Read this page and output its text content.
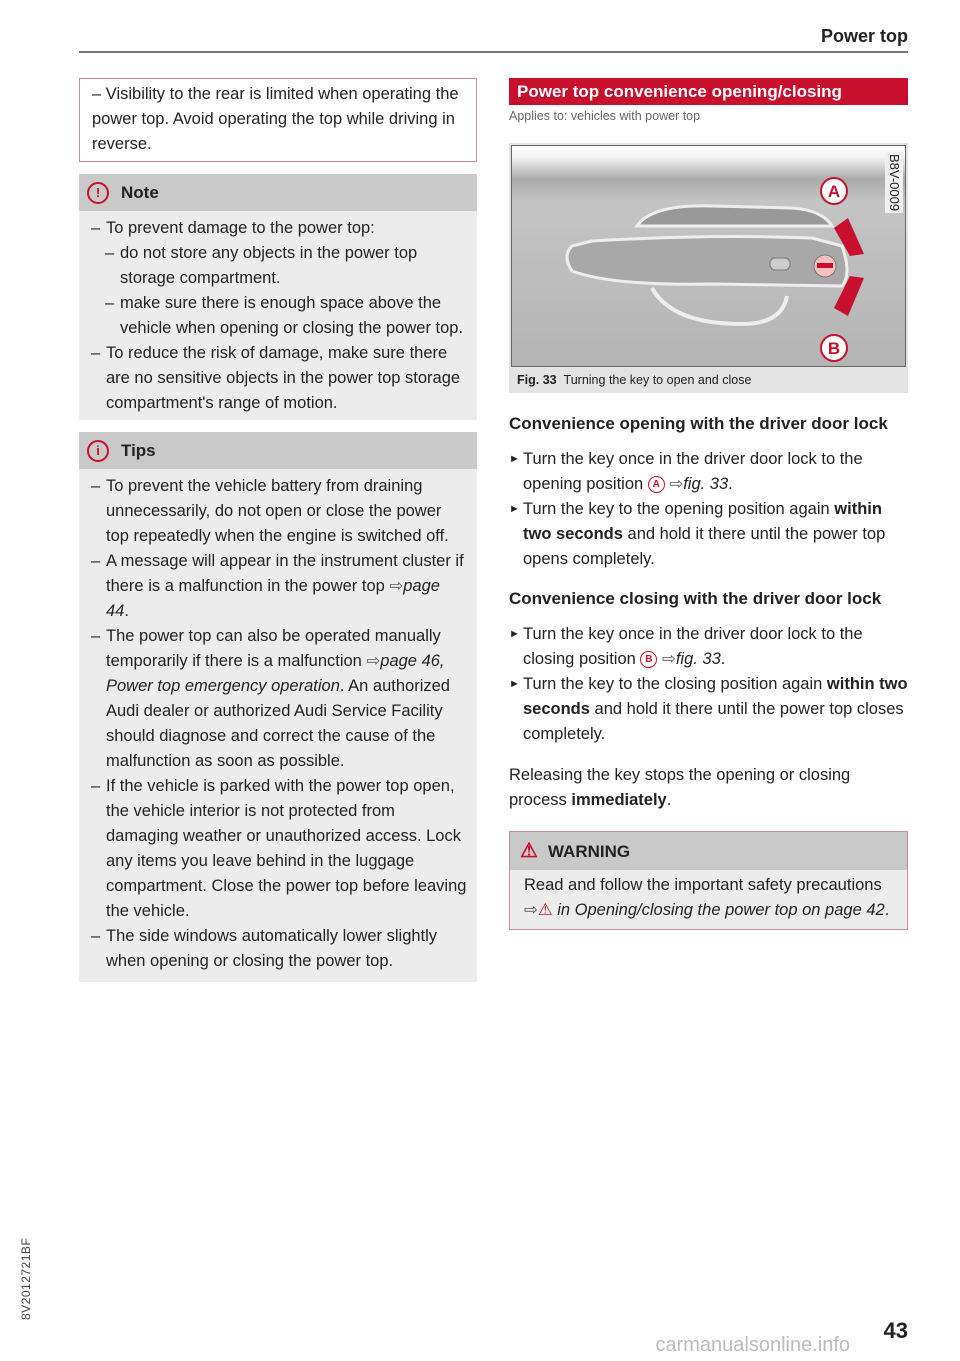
Power top
– Visibility to the rear is limited when operating the power top. Avoid operating the top while driving in reverse.
!	Note
– To prevent damage to the power top:
– do not store any objects in the power top storage compartment.
– make sure there is enough space above the vehicle when opening or closing the power top.
– To reduce the risk of damage, make sure there are no sensitive objects in the power top storage compartment's range of motion.
i	Tips
– To prevent the vehicle battery from draining unnecessarily, do not open or close the power top repeatedly when the engine is switched off.
– A message will appear in the instrument cluster if there is a malfunction in the power top ⇨page 44.
– The power top can also be operated manually temporarily if there is a malfunction ⇨page 46, Power top emergency operation. An authorized Audi dealer or authorized Audi Service Facility should diagnose and correct the cause of the malfunction as soon as possible.
– If the vehicle is parked with the power top open, the vehicle interior is not protected from damaging weather or unauthorized access. Lock any items you leave behind in the luggage compartment. Close the power top before leaving the vehicle.
– The side windows automatically lower slightly when opening or closing the power top.
Power top convenience opening/closing
Applies to: vehicles with power top
A
B
B8V-0009
Fig. 33 Turning the key to open and close
Convenience opening with the driver door lock
► Turn the key once in the driver door lock to the opening position A ⇨fig. 33.
► Turn the key to the opening position again within two seconds and hold it there until the power top opens completely.
Convenience closing with the driver door lock
► Turn the key once in the driver door lock to the closing position B ⇨fig. 33.
► Turn the key to the closing position again within two seconds and hold it there until the power top closes completely.
Releasing the key stops the opening or closing process immediately.
⚠ WARNING
Read and follow the important safety precautions ⇨⚠ in Opening/closing the power top on page 42.
8V2012721BF
carmanualsonline.info
43
